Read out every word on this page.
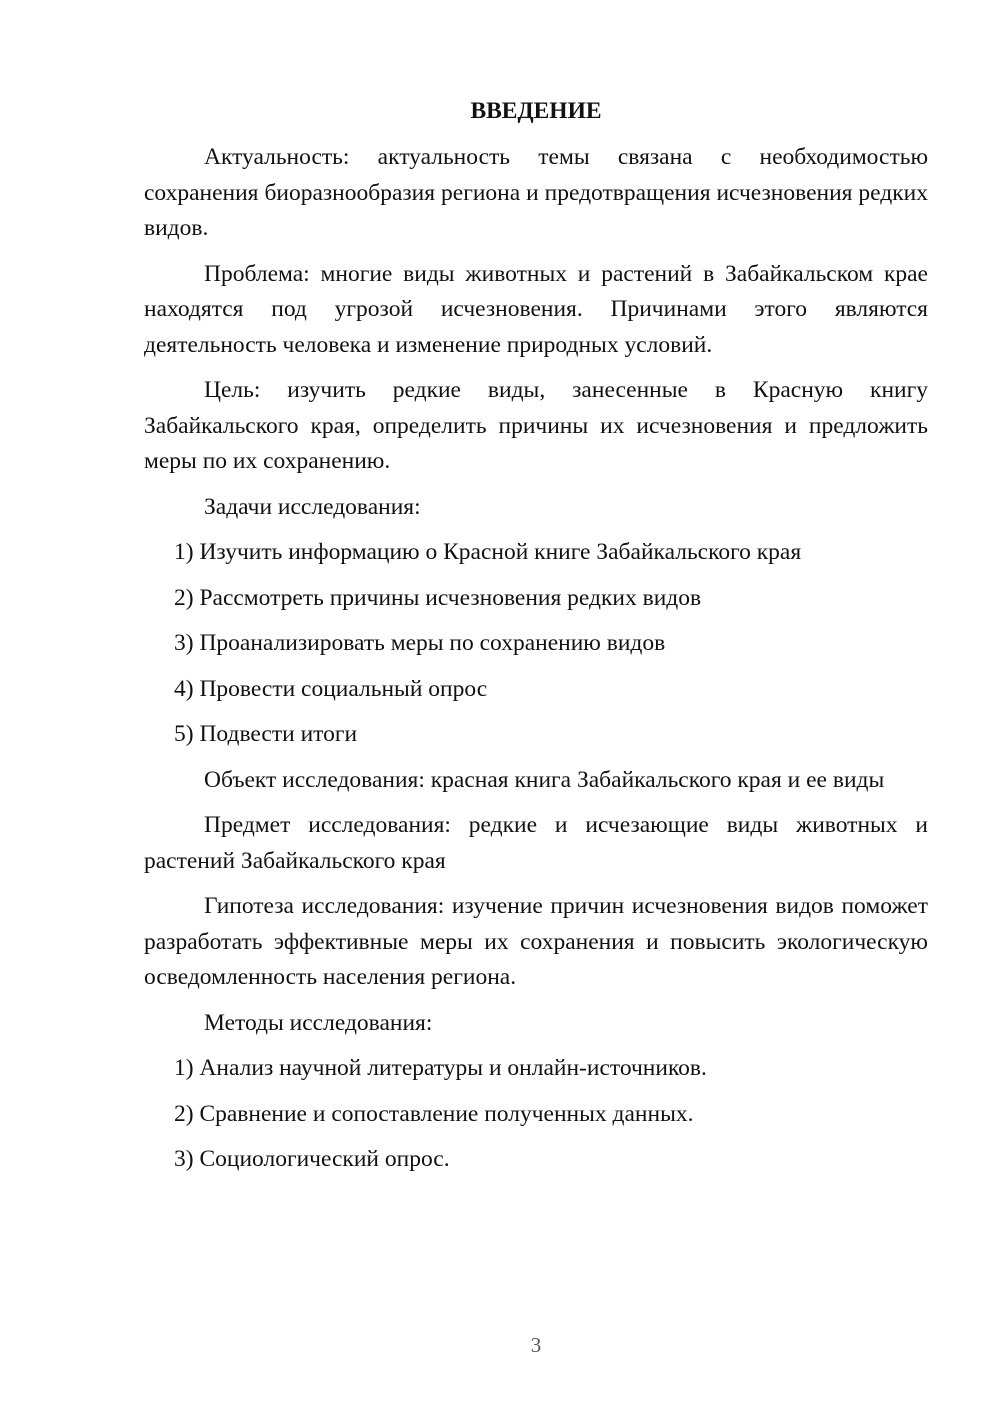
ВВЕДЕНИЕ

Актуальность: актуальность темы связана с необходимостью сохранения биоразнообразия региона и предотвращения исчезновения редких видов.

Проблема: многие виды животных и растений в Забайкальском крае находятся под угрозой исчезновения. Причинами этого являются деятельность человека и изменение природных условий.

Цель: изучить редкие виды, занесенные в Красную книгу Забайкальского края, определить причины их исчезновения и предложить меры по их сохранению.

Задачи исследования:

1) Изучить информацию о Красной книге Забайкальского края
2) Рассмотреть причины исчезновения редких видов
3) Проанализировать меры по сохранению видов
4) Провести социальный опрос
5) Подвести итоги

Объект исследования: красная книга Забайкальского края и ее виды

Предмет исследования: редкие и исчезающие виды животных и растений Забайкальского края

Гипотеза исследования: изучение причин исчезновения видов поможет разработать эффективные меры их сохранения и повысить экологическую осведомленность населения региона.

Методы исследования:

1) Анализ научной литературы и онлайн-источников.
2) Сравнение и сопоставление полученных данных.
3) Социологический опрос.
3
